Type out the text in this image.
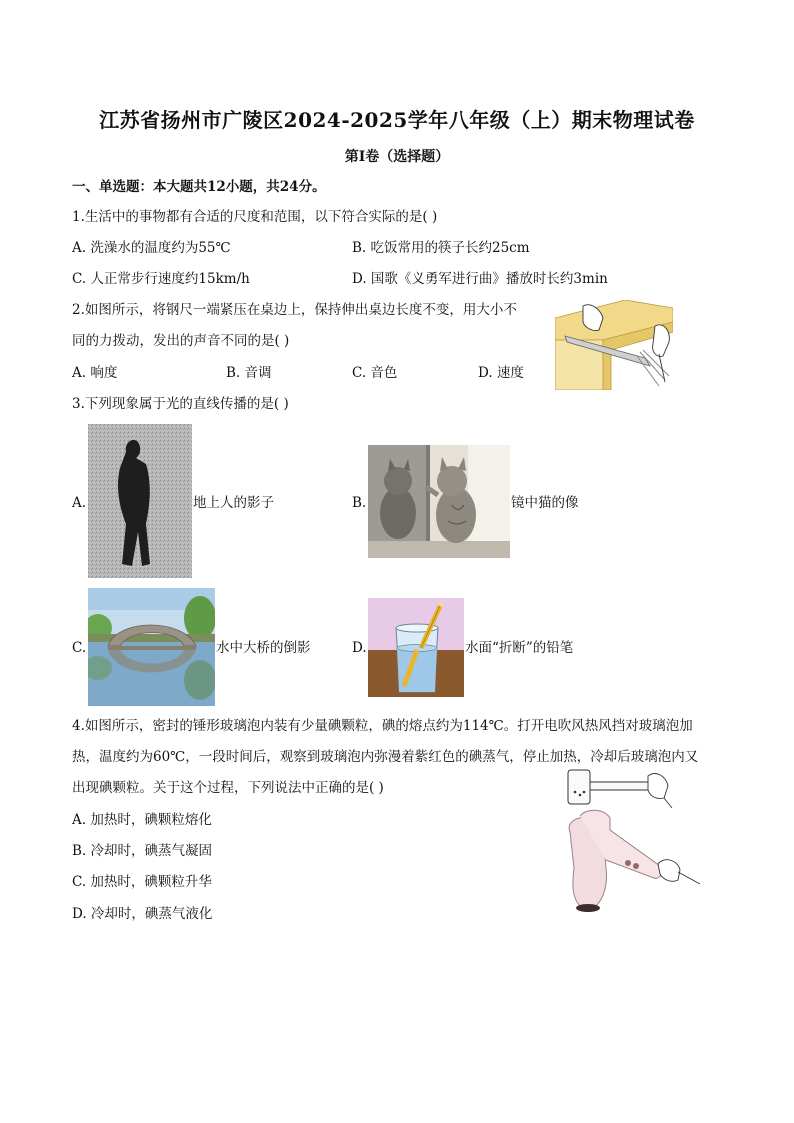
江苏省扬州市广陵区2024-2025学年八年级（上）期末物理试卷
第I卷（选择题）
一、单选题：本大题共12小题，共24分。
1.生活中的事物都有合适的尺度和范围，以下符合实际的是( )
A. 洗澡水的温度约为55℃	B. 吃饭常用的筷子长约25cm
C. 人正常步行速度约15km/h	D. 国歌《义勇军进行曲》播放时长约3min
2.如图所示，将钢尺一端紧压在桌边上，保持伸出桌边长度不变，用大小不
同的力拨动，发出的声音不同的是( )
A. 响度	B. 音调	C. 音色	D. 速度
3.下列现象属于光的直线传播的是( )
A.	地上人的影子	B.	镜中猫的像
C.	水中大桥的倒影	D.	水面“折断”的铅笔
4.如图所示，密封的锤形玻璃泡内装有少量碘颗粒，碘的熔点约为114℃。打开电吹风热风挡对玻璃泡加
热，温度约为60℃，一段时间后，观察到玻璃泡内弥漫着紫红色的碘蒸气，停止加热，冷却后玻璃泡内又
出现碘颗粒。关于这个过程，下列说法中正确的是( )
A. 加热时，碘颗粒熔化
B. 冷却时，碘蒸气凝固
C. 加热时，碘颗粒升华
D. 冷却时，碘蒸气液化
